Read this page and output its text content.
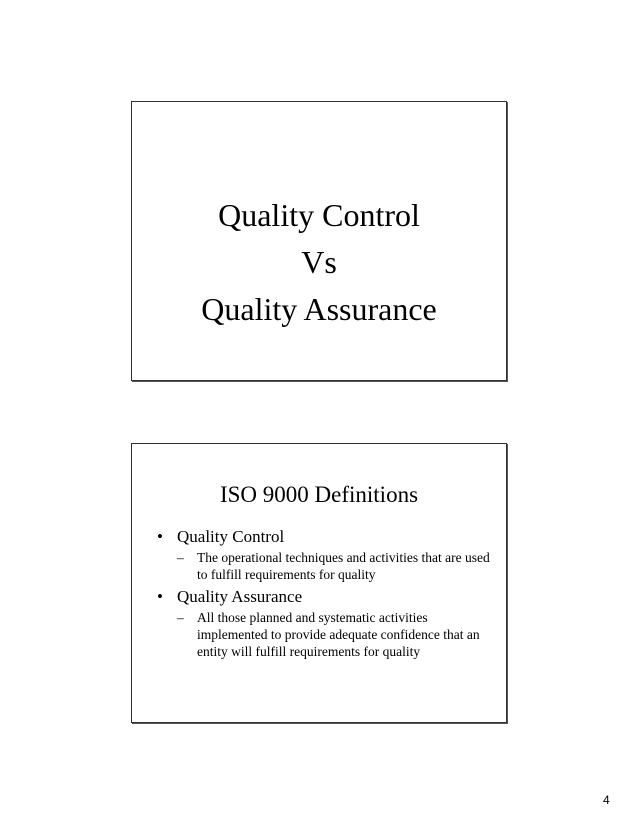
Quality Control
Vs
Quality Assurance
ISO 9000 Definitions
• Quality Control
– The operational techniques and activities that are used to fulfill requirements for quality
• Quality Assurance
– All those planned and systematic activities implemented to provide adequate confidence that an entity will fulfill requirements for quality
4
